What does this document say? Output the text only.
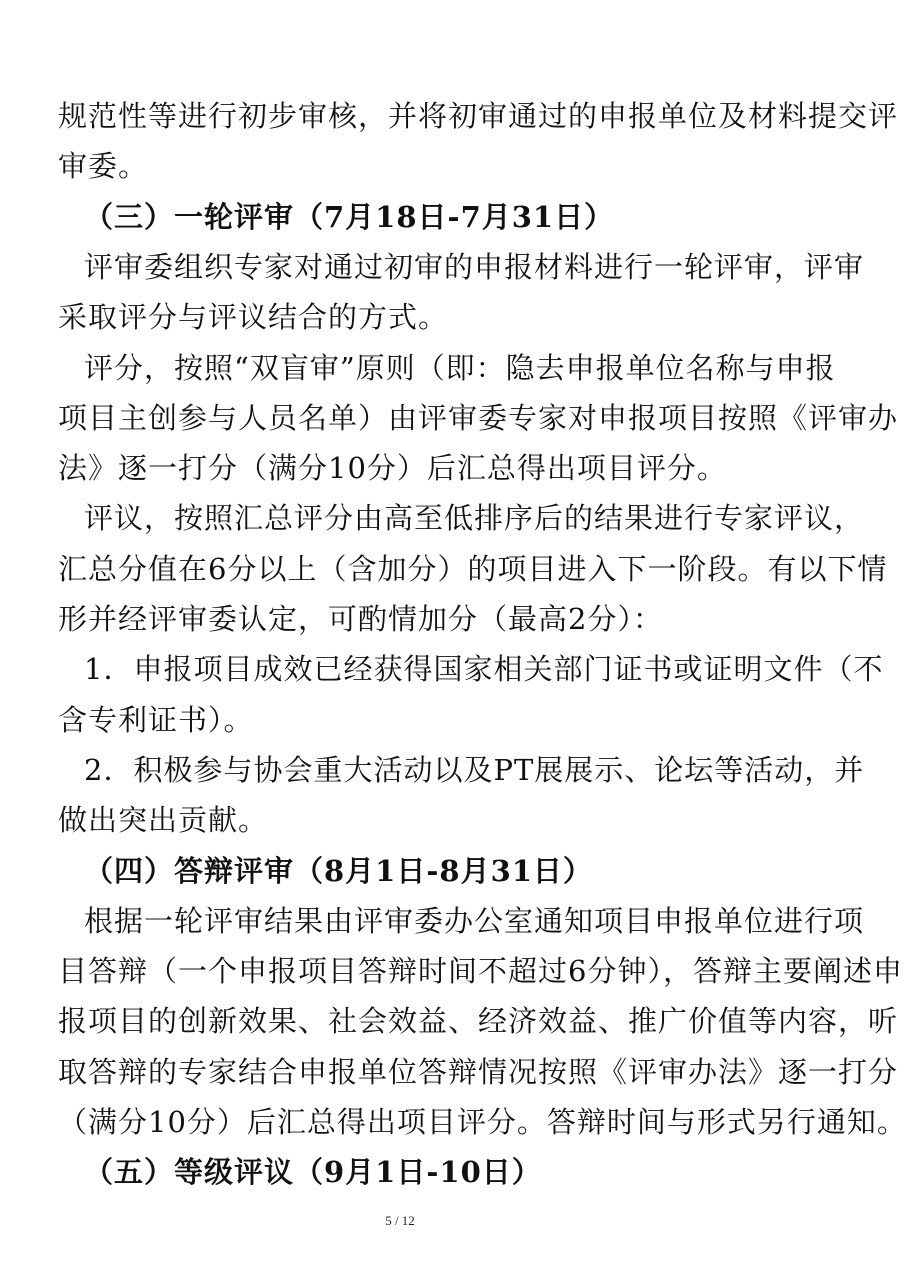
规范性等进行初步审核，并将初审通过的申报单位及材料提交评
审委。
（三）一轮评审（7月18日-7月31日）
评审委组织专家对通过初审的申报材料进行一轮评审，评审
采取评分与评议结合的方式。
评分，按照“双盲审”原则（即：隐去申报单位名称与申报
项目主创参与人员名单）由评审委专家对申报项目按照《评审办
法》逐一打分（满分10分）后汇总得出项目评分。
评议，按照汇总评分由高至低排序后的结果进行专家评议，
汇总分值在6分以上（含加分）的项目进入下一阶段。有以下情
形并经评审委认定，可酌情加分（最高2分）：
1．申报项目成效已经获得国家相关部门证书或证明文件（不
含专利证书）。
2．积极参与协会重大活动以及PT展展示、论坛等活动，并
做出突出贡献。
（四）答辩评审（8月1日-8月31日）
根据一轮评审结果由评审委办公室通知项目申报单位进行项
目答辩（一个申报项目答辩时间不超过6分钟），答辩主要阐述申
报项目的创新效果、社会效益、经济效益、推广价值等内容，听
取答辩的专家结合申报单位答辩情况按照《评审办法》逐一打分
（满分10分）后汇总得出项目评分。答辩时间与形式另行通知。
5 / 12
（五）等级评议（9月1日-10日）
